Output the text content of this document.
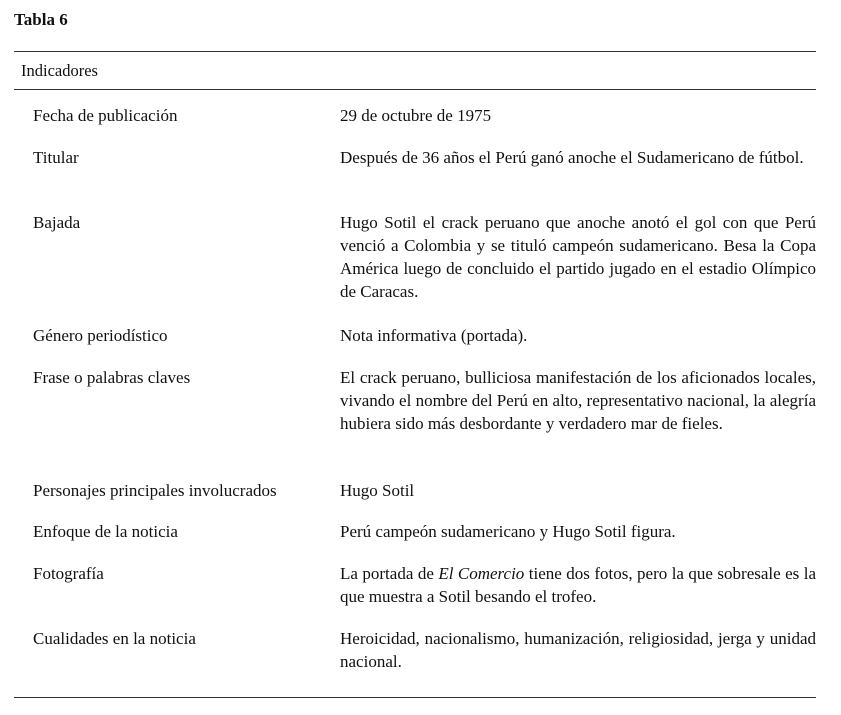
Tabla 6
Indicadores
Fecha de publicación	29 de octubre de 1975
Titular	Después de 36 años el Perú ganó anoche el Sudamericano de fútbol.
Bajada	Hugo Sotil el crack peruano que anoche anotó el gol con que Perú venció a Colombia y se tituló campeón sudamericano. Besa la Copa América luego de concluido el partido jugado en el estadio Olímpico de Caracas.
Género periodístico	Nota informativa (portada).
Frase o palabras claves	El crack peruano, bulliciosa manifestación de los aficionados locales, vivando el nombre del Perú en alto, representativo nacional, la alegría hubiera sido más desbordante y verdadero mar de fieles.
Personajes principales involucrados	Hugo Sotil
Enfoque de la noticia	Perú campeón sudamericano y Hugo Sotil figura.
Fotografía	La portada de El Comercio tiene dos fotos, pero la que sobresale es la que muestra a Sotil besando el trofeo.
Cualidades en la noticia	Heroicidad, nacionalismo, humanización, religiosidad, jerga y unidad nacional.
